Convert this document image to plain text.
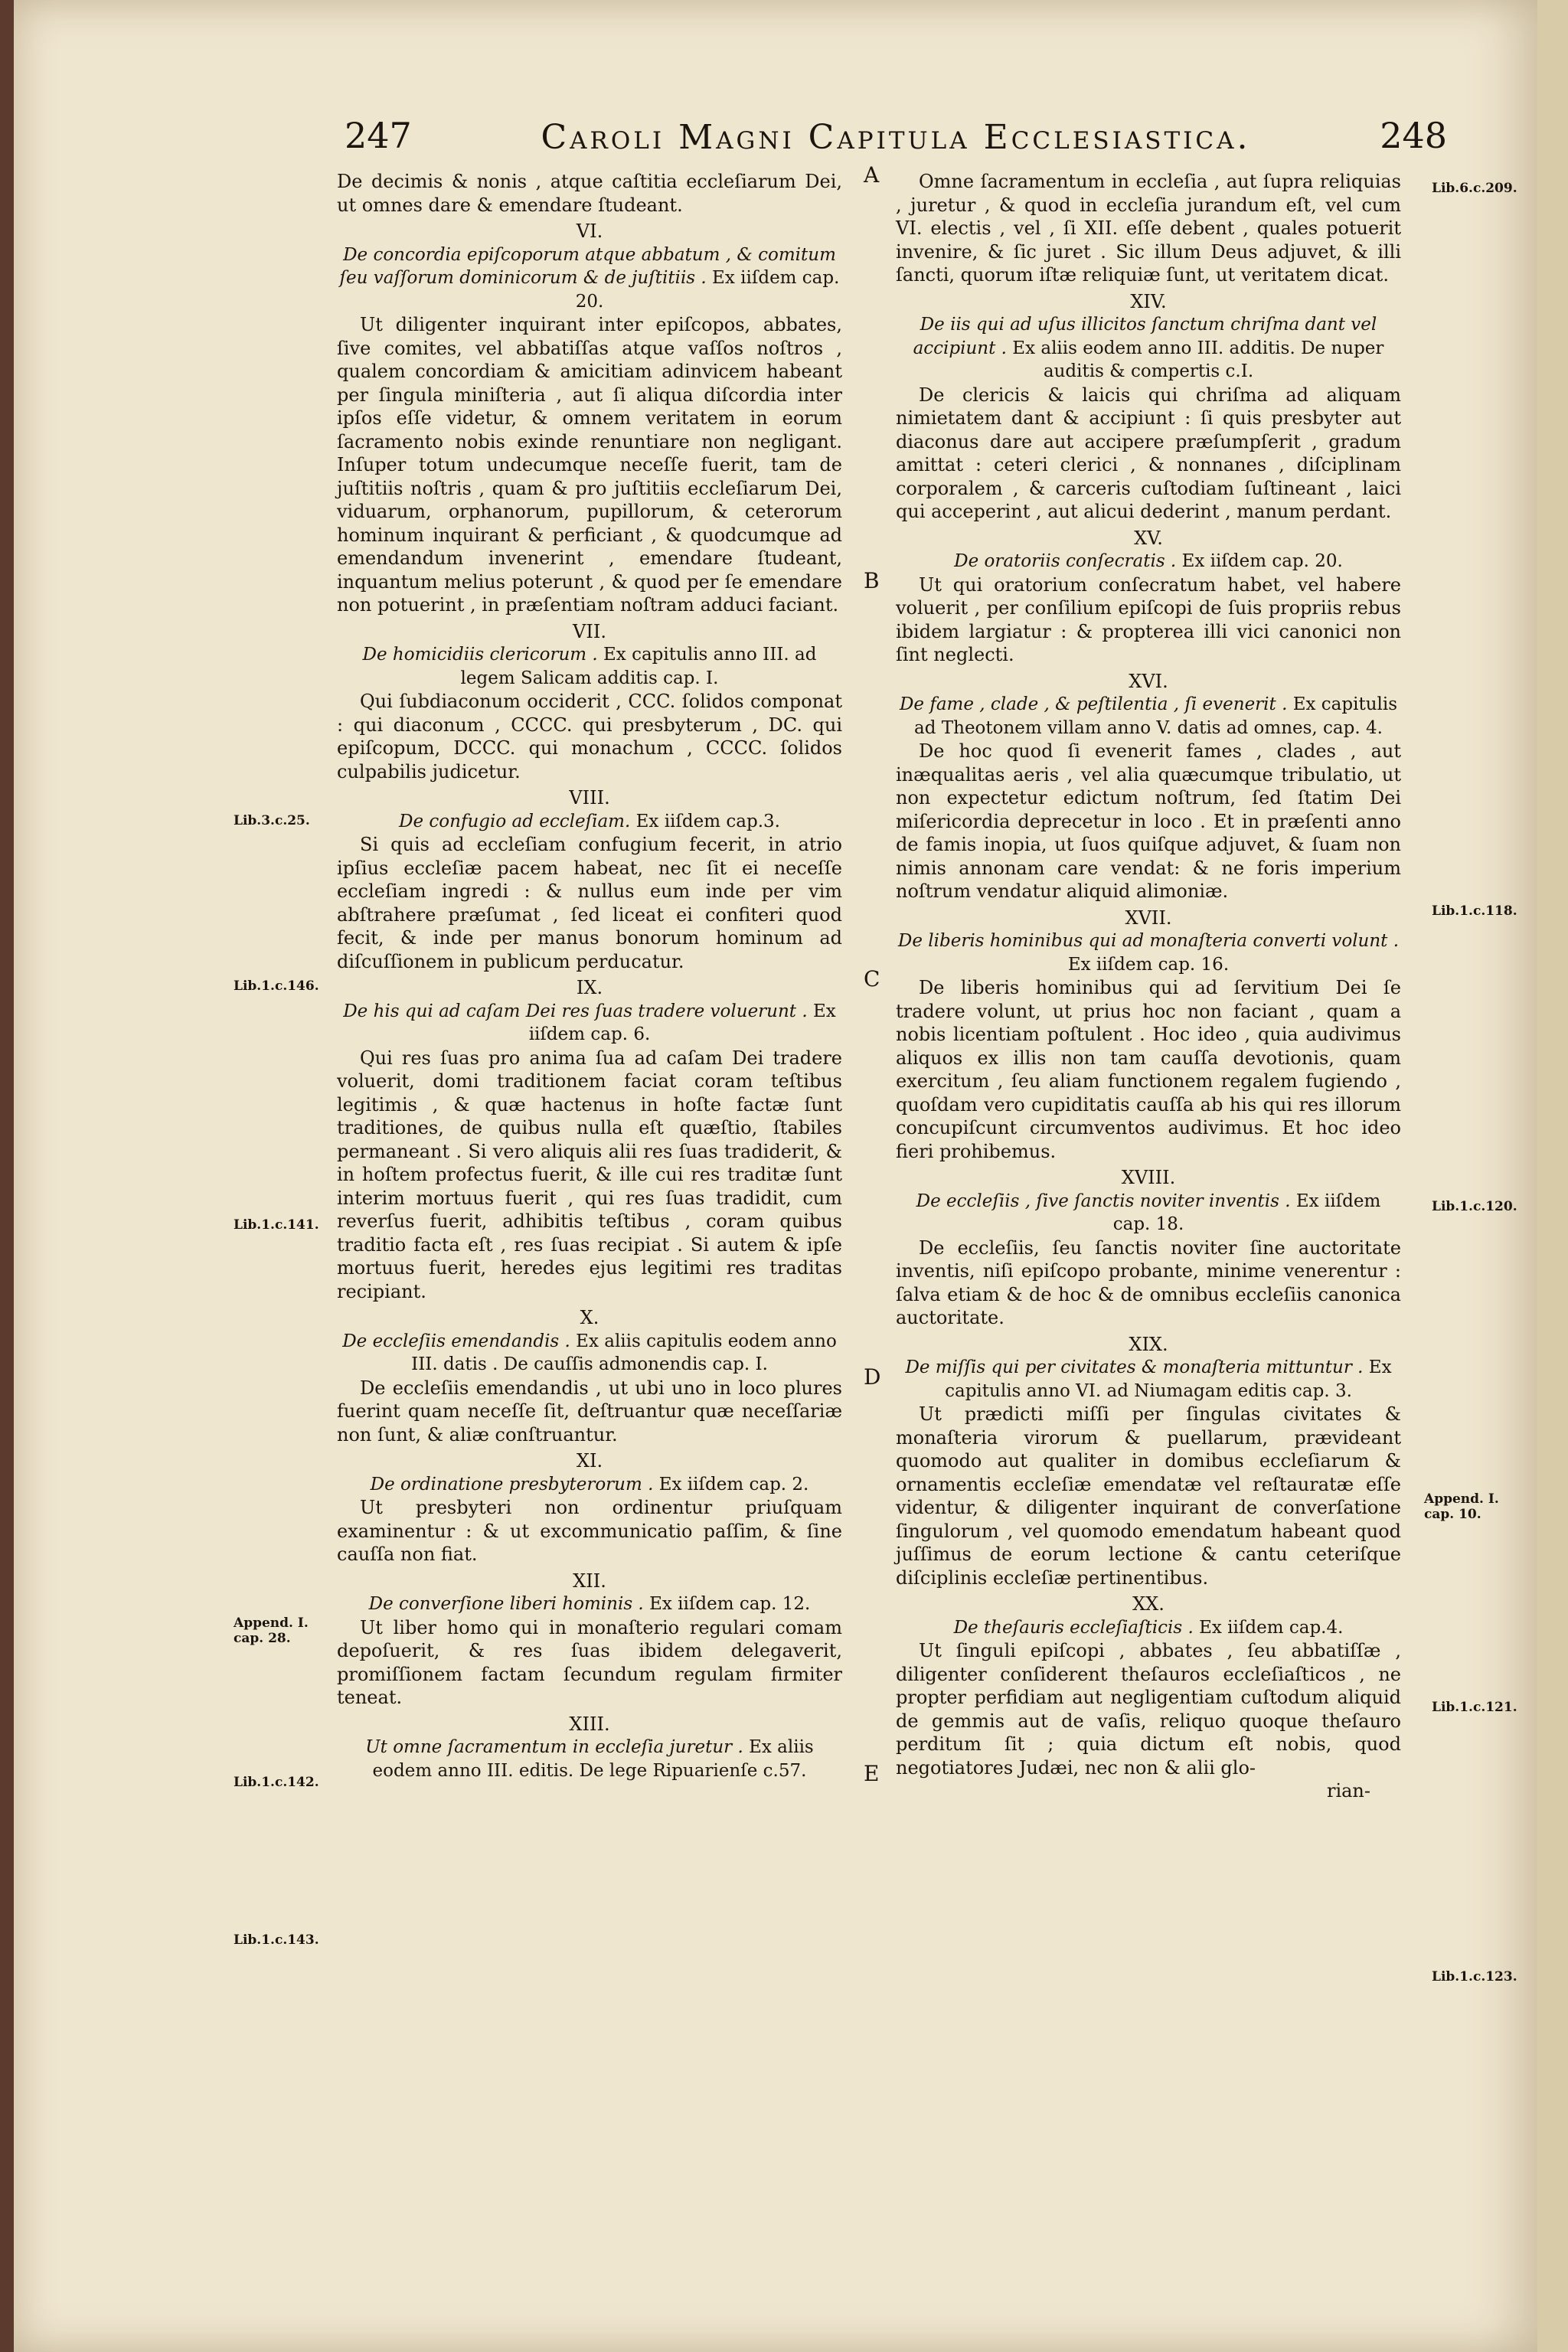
247	Caroli Magni Capitula Ecclesiastica.	248

De decimis & nonis , atque caſtitia eccleſiarum Dei, ut omnes dare & emendare ſtudeant.

VI.

De concordia epiſcoporum atque abbatum , & comitum ſeu vaſſorum dominicorum & de juſtitiis . Ex iiſdem cap. 20.

Ut diligenter inquirant inter epiſcopos, abbates, ſive comites, vel abbatiſſas atque vaſſos noſtros , qualem concordiam & amicitiam adinvicem habeant per ſingula miniſteria , aut ſi aliqua diſcordia inter ipſos eſſe videtur, & omnem veritatem in eorum ſacramento nobis exinde renuntiare non negligant. Inſuper totum undecumque neceſſe fuerit, tam de juſtitiis noſtris , quam & pro juſtitiis eccleſiarum Dei, viduarum, orphanorum, pupillorum, & ceterorum hominum inquirant & perficiant , & quodcumque ad emendandum invenerint , emendare ſtudeant, inquantum melius poterunt , & quod per ſe emendare non potuerint , in præſentiam noſtram adduci faciant.

VII.

De homicidiis clericorum . Ex capitulis anno III. ad legem Salicam additis cap. I.

Qui ſubdiaconum occiderit , CCC. ſolidos componat : qui diaconum , CCCC. qui presbyterum , DC. qui epiſcopum, DCCC. qui monachum , CCCC. ſolidos culpabilis judicetur.

VIII.

De confugio ad eccleſiam. Ex iiſdem cap.3.

Si quis ad eccleſiam confugium fecerit, in atrio ipſius eccleſiæ pacem habeat, nec ſit ei neceſſe eccleſiam ingredi : & nullus eum inde per vim abſtrahere præſumat , ſed liceat ei confiteri quod fecit, & inde per manus bonorum hominum ad diſcuſſionem in publicum perducatur.

IX.

De his qui ad caſam Dei res ſuas tradere voluerunt . Ex iiſdem cap. 6.

Qui res ſuas pro anima ſua ad caſam Dei tradere voluerit, domi traditionem faciat coram teſtibus legitimis , & quæ hactenus in hoſte factæ ſunt traditiones, de quibus nulla eſt quæſtio, ſtabiles permaneant . Si vero aliquis alii res ſuas tradiderit, & in hoſtem profectus fuerit, & ille cui res traditæ ſunt interim mortuus fuerit , qui res ſuas tradidit, cum reverſus fuerit, adhibitis teſtibus , coram quibus traditio facta eſt , res ſuas recipiat . Si autem & ipſe mortuus fuerit, heredes ejus legitimi res traditas recipiant.

X.

De eccleſiis emendandis . Ex aliis capitulis eodem anno III. datis . De cauſſis admonendis cap. I.

De eccleſiis emendandis , ut ubi uno in loco plures fuerint quam neceſſe ſit, deſtruantur quæ neceſſariæ non ſunt, & aliæ conſtruantur.

XI.

De ordinatione presbyterorum . Ex iiſdem cap. 2.

Ut presbyteri non ordinentur priuſquam examinentur : & ut excommunicatio paſſim, & ſine cauſſa non fiat.

XII.

De converſione liberi hominis . Ex iiſdem cap. 12.

Ut liber homo qui in monaſterio regulari comam depoſuerit, & res ſuas ibidem delegaverit, promiſſionem factam ſecundum regulam firmiter teneat.

XIII.

Ut omne ſacramentum in eccleſia juretur . Ex aliis eodem anno III. editis. De lege Ripuarienſe c.57.

Omne ſacramentum in eccleſia , aut ſupra reliquias , juretur , & quod in eccleſia jurandum eſt, vel cum VI. electis , vel , ſi XII. eſſe debent , quales potuerit invenire, & ſic juret . Sic illum Deus adjuvet, & illi ſancti, quorum iſtæ reliquiæ ſunt, ut veritatem dicat.

XIV.

De iis qui ad uſus illicitos ſanctum chriſma dant vel accipiunt . Ex aliis eodem anno III. additis. De nuper auditis & compertis c.I.

De clericis & laicis qui chriſma ad aliquam nimietatem dant & accipiunt : ſi quis presbyter aut diaconus dare aut accipere præſumpſerit , gradum amittat : ceteri clerici , & nonnanes , diſciplinam corporalem , & carceris cuſtodiam ſuſtineant , laici qui acceperint , aut alicui dederint , manum perdant.

XV.

De oratoriis conſecratis . Ex iiſdem cap. 20.

Ut qui oratorium conſecratum habet, vel habere voluerit , per conſilium epiſcopi de ſuis propriis rebus ibidem largiatur : & propterea illi vici canonici non ſint neglecti.

XVI.

De fame , clade , & peſtilentia , ſi evenerit . Ex capitulis ad Theotonem villam anno V. datis ad omnes, cap. 4.

De hoc quod ſi evenerit fames , clades , aut inæqualitas aeris , vel alia quæcumque tribulatio, ut non expectetur edictum noſtrum, ſed ſtatim Dei miſericordia deprecetur in loco . Et in præſenti anno de famis inopia, ut ſuos quiſque adjuvet, & ſuam non nimis annonam care vendat: & ne foris imperium noſtrum vendatur aliquid alimoniæ.

XVII.

De liberis hominibus qui ad monaſteria converti volunt . Ex iiſdem cap. 16.

De liberis hominibus qui ad ſervitium Dei ſe tradere volunt, ut prius hoc non faciant , quam a nobis licentiam poſtulent . Hoc ideo , quia audivimus aliquos ex illis non tam cauſſa devotionis, quam exercitum , ſeu aliam functionem regalem fugiendo , quoſdam vero cupiditatis cauſſa ab his qui res illorum concupiſcunt circumventos audivimus. Et hoc ideo fieri prohibemus.

XVIII.

De eccleſiis , ſive ſanctis noviter inventis . Ex iiſdem cap. 18.

De eccleſiis, ſeu ſanctis noviter ſine auctoritate inventis, niſi epiſcopo probante, minime venerentur : ſalva etiam & de hoc & de omnibus eccleſiis canonica auctoritate.

XIX.

De miſſis qui per civitates & monaſteria mittuntur . Ex capitulis anno VI. ad Niumagam editis cap. 3.

Ut prædicti miſſi per ſingulas civitates & monaſteria virorum & puellarum, prævideant quomodo aut qualiter in domibus eccleſiarum & ornamentis eccleſiæ emendatæ vel reſtauratæ eſſe videntur, & diligenter inquirant de converſatione ſingulorum , vel quomodo emendatum habeant quod juſſimus de eorum lectione & cantu ceteriſque diſciplinis eccleſiæ pertinentibus.

XX.

De theſauris eccleſiaſticis . Ex iiſdem cap.4.

Ut ſinguli epiſcopi , abbates , ſeu abbatiſſæ , diligenter conſiderent theſauros eccleſiaſticos , ne propter perfidiam aut negligentiam cuſtodum aliquid de gemmis aut de vaſis, reliquo quoque theſauro perditum ſit ; quia dictum eſt nobis, quod negotiatores Judæi, nec non & alii glo-

rian-

A
B
C
D
E
Lib.3.c.25.
Lib.1.c.146.
Lib.1.c.141.
Append. I. cap. 28.
Lib.1.c.142.
Lib.1.c.143.
Lib.6.c.209.
Lib.1.c.118.
Lib.1.c.120.
Append. I. cap. 10.
Lib.1.c.121.
Lib.1.c.123.
